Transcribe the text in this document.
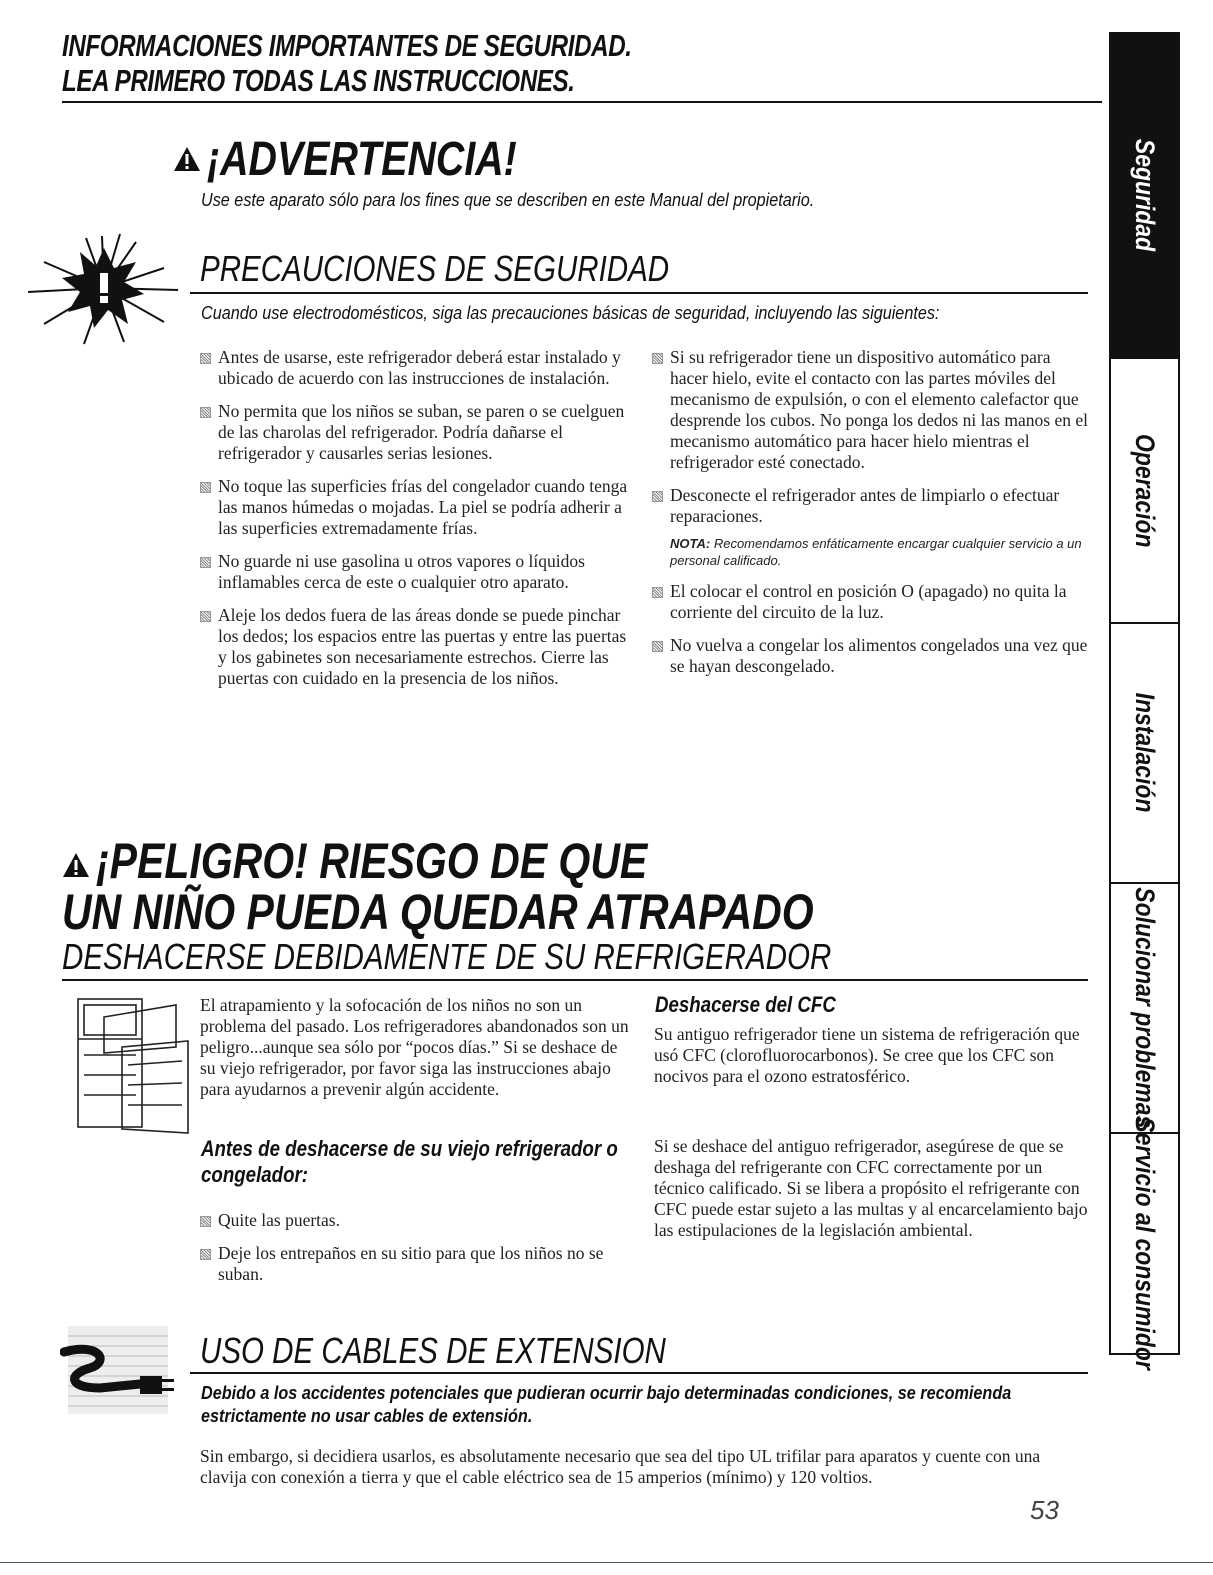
INFORMACIONES IMPORTANTES DE SEGURIDAD.
LEA PRIMERO TODAS LAS INSTRUCCIONES.
¡ADVERTENCIA!
Use este aparato sólo para los fines que se describen en este Manual del propietario.
PRECAUCIONES DE SEGURIDAD
Cuando use electrodomésticos, siga las precauciones básicas de seguridad, incluyendo las siguientes:
Antes de usarse, este refrigerador deberá estar instalado y ubicado de acuerdo con las instrucciones de instalación.
No permita que los niños se suban, se paren o se cuelguen de las charolas del refrigerador. Podría dañarse el refrigerador y causarles serias lesiones.
No toque las superficies frías del congelador cuando tenga las manos húmedas o mojadas. La piel se podría adherir a las superficies extremadamente frías.
No guarde ni use gasolina u otros vapores o líquidos inflamables cerca de este o cualquier otro aparato.
Aleje los dedos fuera de las áreas donde se puede pinchar los dedos; los espacios entre las puertas y entre las puertas y los gabinetes son necesariamente estrechos. Cierre las puertas con cuidado en la presencia de los niños.
Si su refrigerador tiene un dispositivo automático para hacer hielo, evite el contacto con las partes móviles del mecanismo de expulsión, o con el elemento calefactor que desprende los cubos. No ponga los dedos ni las manos en el mecanismo automático para hacer hielo mientras el refrigerador esté conectado.
Desconecte el refrigerador antes de limpiarlo o efectuar reparaciones.
NOTA: Recomendamos enfáticamente encargar cualquier servicio a un personal calificado.
El colocar el control en posición O (apagado) no quita la corriente del circuito de la luz.
No vuelva a congelar los alimentos congelados una vez que se hayan descongelado.
¡PELIGRO! RIESGO DE QUE
UN NIÑO PUEDA QUEDAR ATRAPADO
DESHACERSE DEBIDAMENTE DE SU REFRIGERADOR
El atrapamiento y la sofocación de los niños no son un problema del pasado. Los refrigeradores abandonados son un peligro...aunque sea sólo por “pocos días.” Si se deshace de su viejo refrigerador, por favor siga las instrucciones abajo para ayudarnos a prevenir algún accidente.
Antes de deshacerse de su viejo refrigerador o congelador:
Quite las puertas.
Deje los entrepaños en su sitio para que los niños no se suban.
Deshacerse del CFC
Su antiguo refrigerador tiene un sistema de refrigeración que usó CFC (clorofluorocarbonos). Se cree que los CFC son nocivos para el ozono estratosférico.
Si se deshace del antiguo refrigerador, asegúrese de que se deshaga del refrigerante con CFC correctamente por un técnico calificado. Si se libera a propósito el refrigerante con CFC puede estar sujeto a las multas y al encarcelamiento bajo las estipulaciones de la legislación ambiental.
USO DE CABLES DE EXTENSION
Debido a los accidentes potenciales que pudieran ocurrir bajo determinadas condiciones, se recomienda estrictamente no usar cables de extensión.
Sin embargo, si decidiera usarlos, es absolutamente necesario que sea del tipo UL trifilar para aparatos y cuente con una clavija con conexión a tierra y que el cable eléctrico sea de 15 amperios (mínimo) y 120 voltios.
53
Seguridad
Operación
Instalación
Solucionar problemas
Servicio al consumidor
